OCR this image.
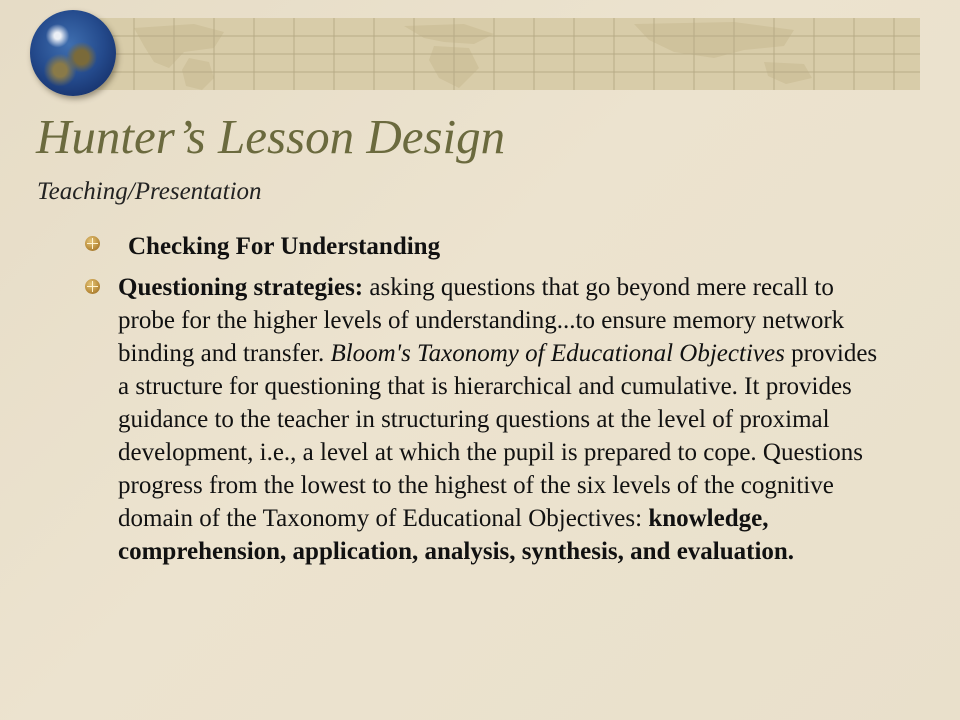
Hunter’s Lesson Design
Teaching/Presentation
Checking For Understanding
Questioning strategies: asking questions that go beyond mere recall to probe for the higher levels of understanding...to ensure memory network binding and transfer. Bloom's Taxonomy of Educational Objectives provides a structure for questioning that is hierarchical and cumulative. It provides guidance to the teacher in structuring questions at the level of proximal development, i.e., a level at which the pupil is prepared to cope. Questions progress from the lowest to the highest of the six levels of the cognitive domain of the Taxonomy of Educational Objectives: knowledge, comprehension, application, analysis, synthesis, and evaluation.
